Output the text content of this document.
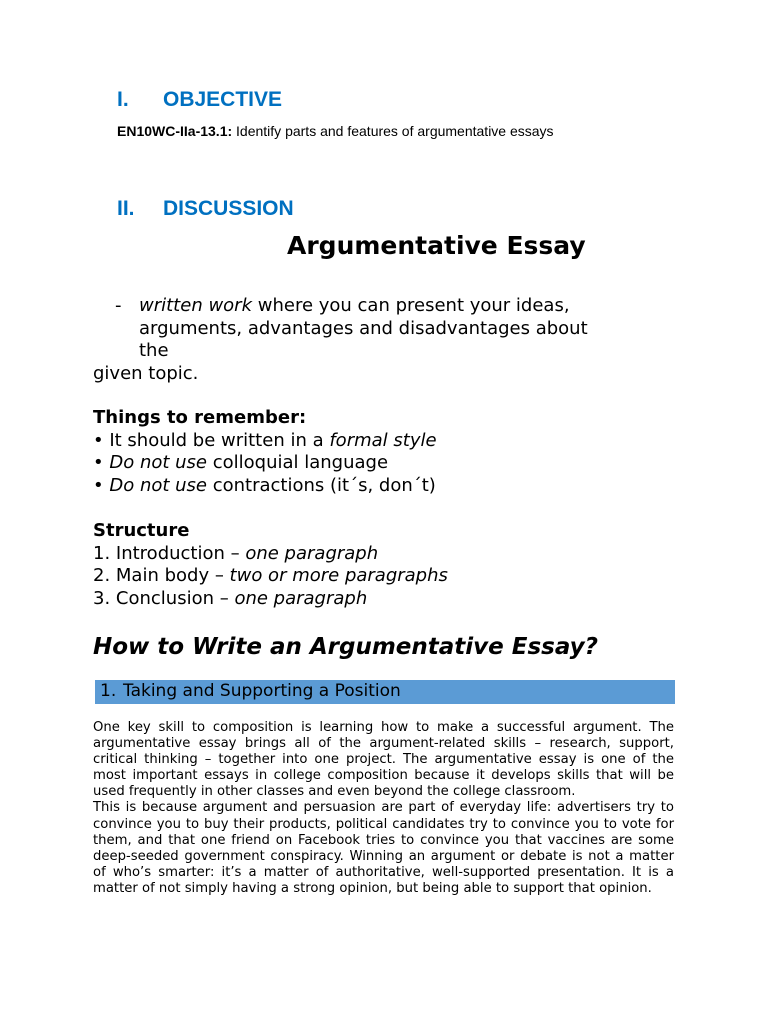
I. OBJECTIVE
EN10WC-IIa-13.1: Identify parts and features of argumentative essays
II. DISCUSSION
Argumentative Essay
- written work where you can present your ideas,
arguments, advantages and disadvantages about
the
given topic.
Things to remember:
• It should be written in a formal style
• Do not use colloquial language
• Do not use contractions (it´s, don´t)
Structure
1. Introduction – one paragraph
2. Main body – two or more paragraphs
3. Conclusion – one paragraph
How to Write an Argumentative Essay?
1. Taking and Supporting a Position

One key skill to composition is learning how to make a successful argument. The argumentative essay brings all of the argument-related skills – research, support, critical thinking – together into one project. The argumentative essay is one of the most important essays in college composition because it develops skills that will be used frequently in other classes and even beyond the college classroom.

This is because argument and persuasion are part of everyday life: advertisers try to convince you to buy their products, political candidates try to convince you to vote for them, and that one friend on Facebook tries to convince you that vaccines are some deep-seeded government conspiracy. Winning an argument or debate is not a matter of who’s smarter: it’s a matter of authoritative, well-supported presentation. It is a matter of not simply having a strong opinion, but being able to support that opinion.
